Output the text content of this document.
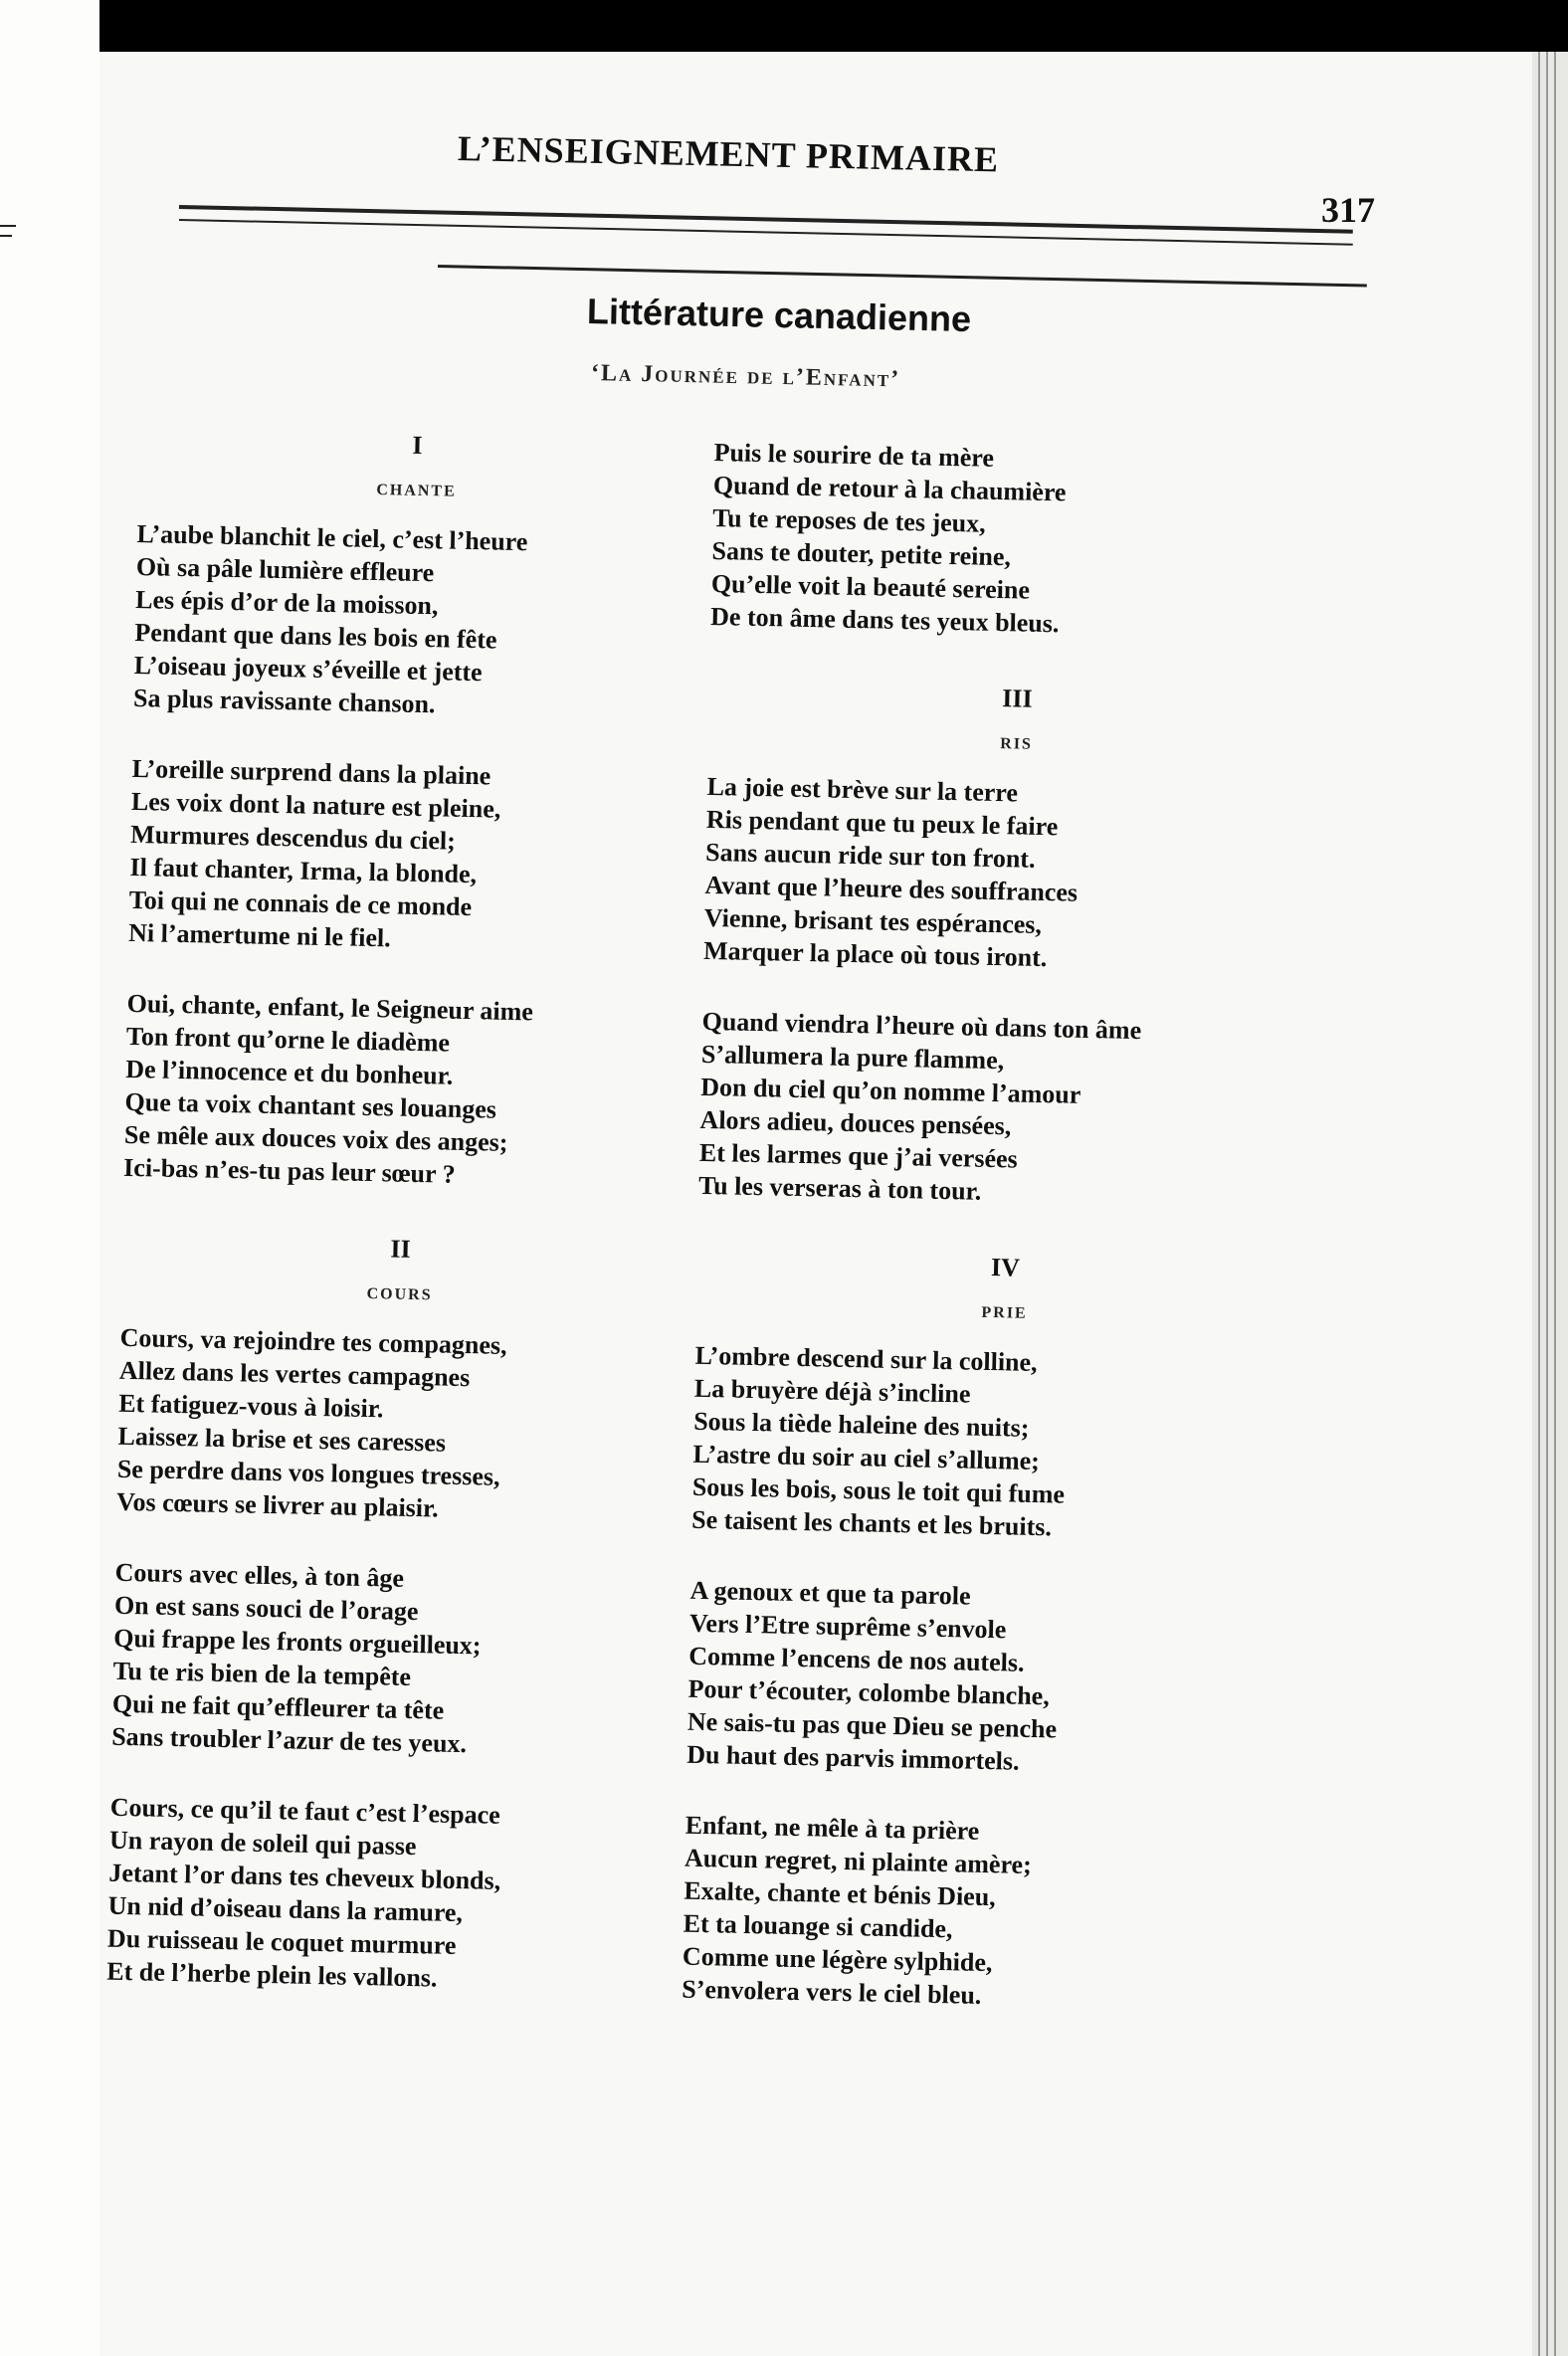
L’ENSEIGNEMENT PRIMAIRE
317
Littérature canadienne
‘La Journée de l’Enfant’
I
CHANTE
L’aube blanchit le ciel, c’est l’heure
Où sa pâle lumière effleure
Les épis d’or de la moisson,
Pendant que dans les bois en fête
L’oiseau joyeux s’éveille et jette
Sa plus ravissante chanson.
L’oreille surprend dans la plaine
Les voix dont la nature est pleine,
Murmures descendus du ciel;
Il faut chanter, Irma, la blonde,
Toi qui ne connais de ce monde
Ni l’amertume ni le fiel.
Oui, chante, enfant, le Seigneur aime
Ton front qu’orne le diadème
De l’innocence et du bonheur.
Que ta voix chantant ses louanges
Se mêle aux douces voix des anges;
Ici-bas n’es-tu pas leur sœur ?
II
COURS
Cours, va rejoindre tes compagnes,
Allez dans les vertes campagnes
Et fatiguez-vous à loisir.
Laissez la brise et ses caresses
Se perdre dans vos longues tresses,
Vos cœurs se livrer au plaisir.
Cours avec elles, à ton âge
On est sans souci de l’orage
Qui frappe les fronts orgueilleux;
Tu te ris bien de la tempête
Qui ne fait qu’effleurer ta tête
Sans troubler l’azur de tes yeux.
Cours, ce qu’il te faut c’est l’espace
Un rayon de soleil qui passe
Jetant l’or dans tes cheveux blonds,
Un nid d’oiseau dans la ramure,
Du ruisseau le coquet murmure
Et de l’herbe plein les vallons.
Puis le sourire de ta mère
Quand de retour à la chaumière
Tu te reposes de tes jeux,
Sans te douter, petite reine,
Qu’elle voit la beauté sereine
De ton âme dans tes yeux bleus.
III
RIS
La joie est brève sur la terre
Ris pendant que tu peux le faire
Sans aucun ride sur ton front.
Avant que l’heure des souffrances
Vienne, brisant tes espérances,
Marquer la place où tous iront.
Quand viendra l’heure où dans ton âme
S’allumera la pure flamme,
Don du ciel qu’on nomme l’amour
Alors adieu, douces pensées,
Et les larmes que j’ai versées
Tu les verseras à ton tour.
IV
PRIE
L’ombre descend sur la colline,
La bruyère déjà s’incline
Sous la tiède haleine des nuits;
L’astre du soir au ciel s’allume;
Sous les bois, sous le toit qui fume
Se taisent les chants et les bruits.
A genoux et que ta parole
Vers l’Etre suprême s’envole
Comme l’encens de nos autels.
Pour t’écouter, colombe blanche,
Ne sais-tu pas que Dieu se penche
Du haut des parvis immortels.
Enfant, ne mêle à ta prière
Aucun regret, ni plainte amère;
Exalte, chante et bénis Dieu,
Et ta louange si candide,
Comme une légère sylphide,
S’envolera vers le ciel bleu.
